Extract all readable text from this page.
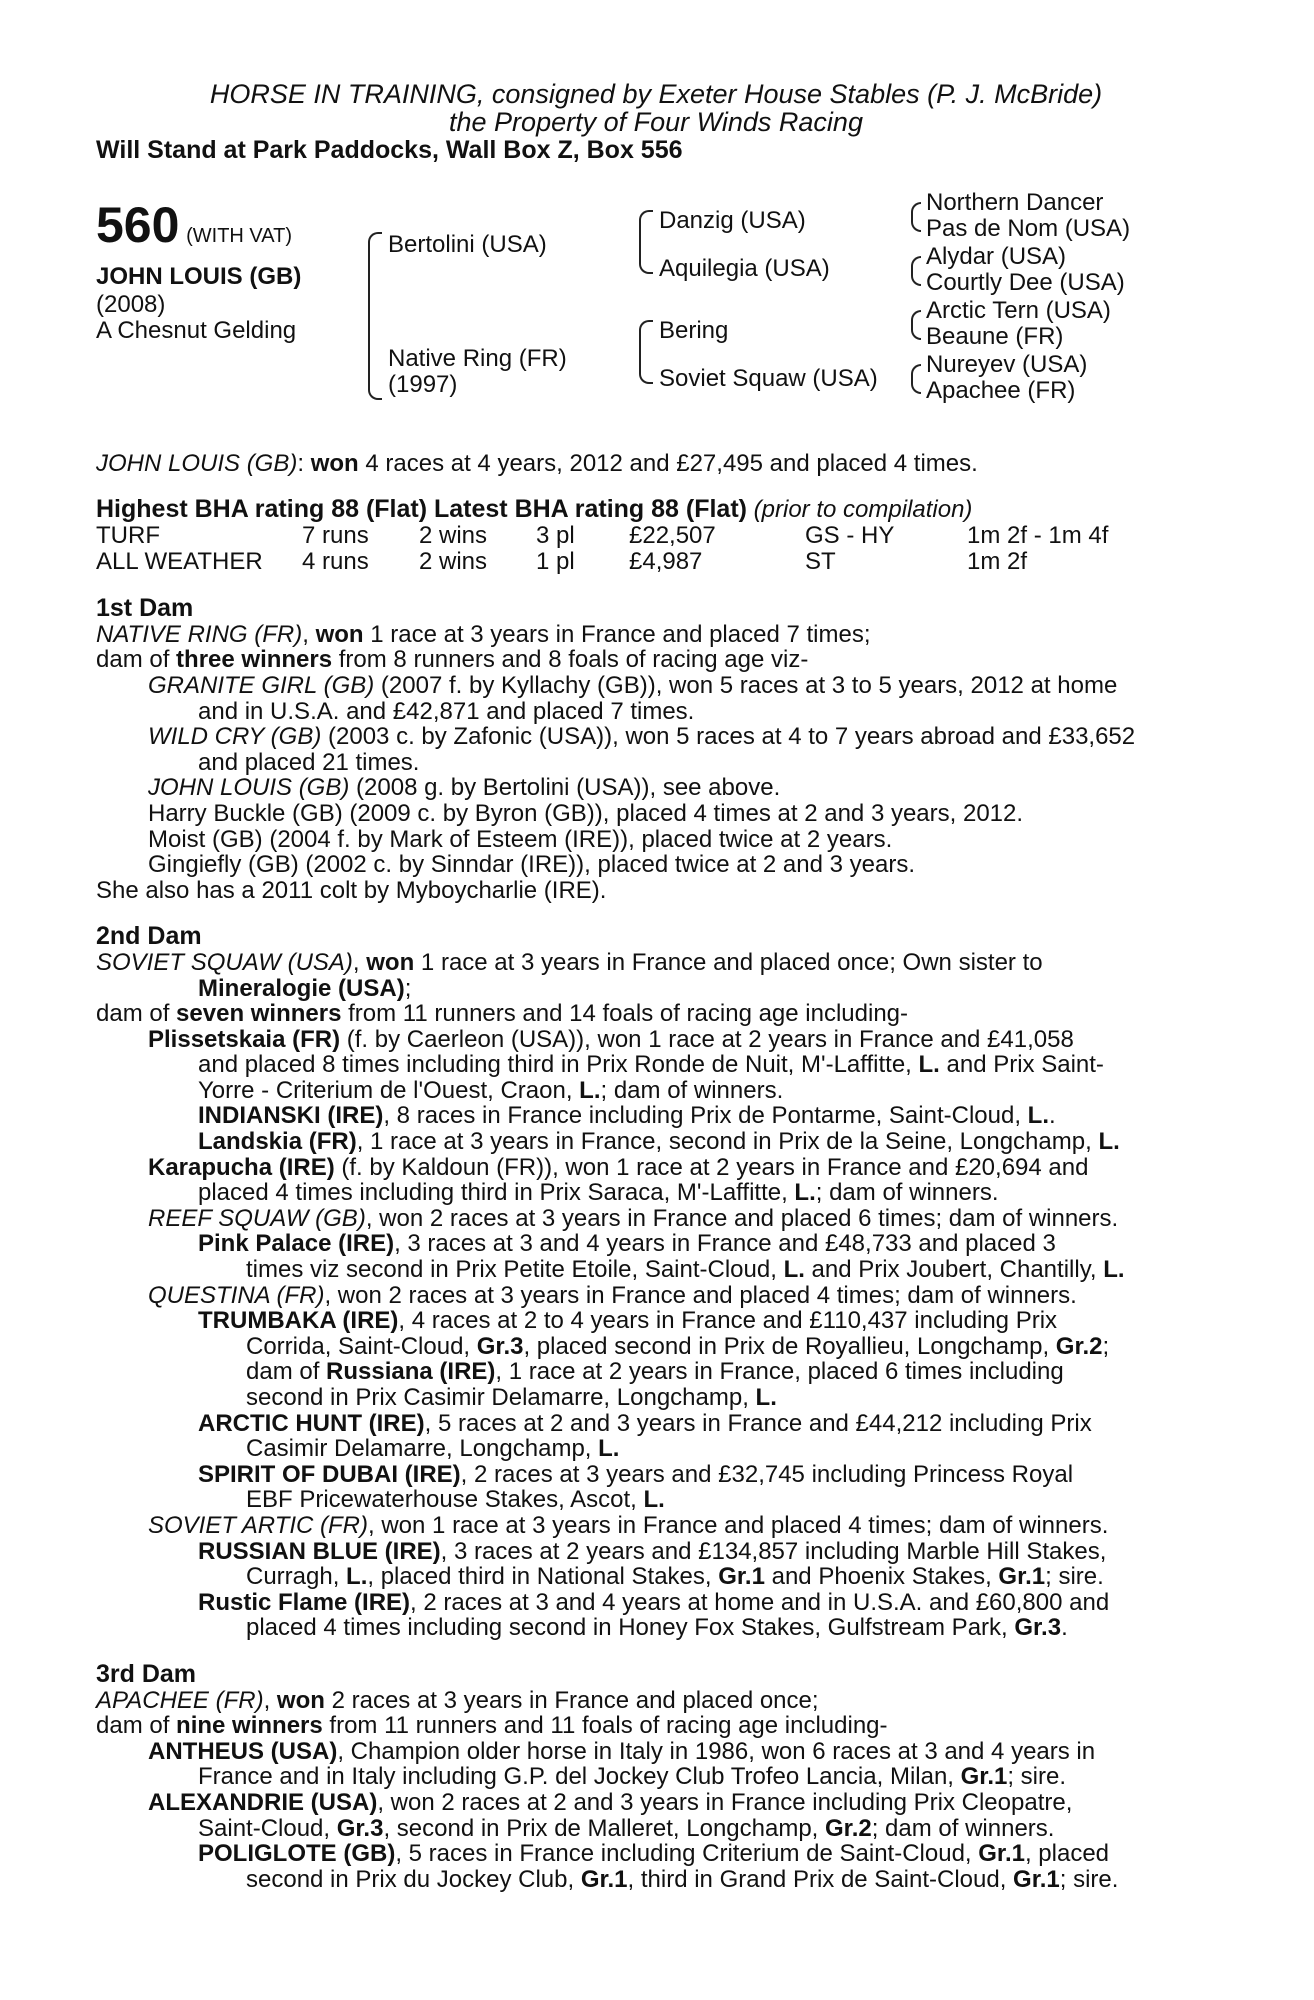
HORSE IN TRAINING, consigned by Exeter House Stables (P. J. McBride)
the Property of Four Winds Racing
Will Stand at Park Paddocks, Wall Box Z, Box 556
560 (WITH VAT)
JOHN LOUIS (GB)
(2008)
A Chesnut Gelding
Bertolini (USA)
Native Ring (FR)
(1997)
Danzig (USA)
Aquilegia (USA)
Bering
Soviet Squaw (USA)
Northern Dancer
Pas de Nom (USA)
Alydar (USA)
Courtly Dee (USA)
Arctic Tern (USA)
Beaune (FR)
Nureyev (USA)
Apachee (FR)
JOHN LOUIS (GB): won 4 races at 4 years, 2012 and £27,495 and placed 4 times.
Highest BHA rating 88 (Flat) Latest BHA rating 88 (Flat) (prior to compilation)
TURF	7 runs	2 wins	3 pl	£22,507	GS - HY	1m 2f - 1m 4f
ALL WEATHER	4 runs	2 wins	1 pl	£4,987	ST	1m 2f
1st Dam
NATIVE RING (FR), won 1 race at 3 years in France and placed 7 times;
dam of three winners from 8 runners and 8 foals of racing age viz-
GRANITE GIRL (GB) (2007 f. by Kyllachy (GB)), won 5 races at 3 to 5 years, 2012 at home
and in U.S.A. and £42,871 and placed 7 times.
WILD CRY (GB) (2003 c. by Zafonic (USA)), won 5 races at 4 to 7 years abroad and £33,652
and placed 21 times.
JOHN LOUIS (GB) (2008 g. by Bertolini (USA)), see above.
Harry Buckle (GB) (2009 c. by Byron (GB)), placed 4 times at 2 and 3 years, 2012.
Moist (GB) (2004 f. by Mark of Esteem (IRE)), placed twice at 2 years.
Gingiefly (GB) (2002 c. by Sinndar (IRE)), placed twice at 2 and 3 years.
She also has a 2011 colt by Myboycharlie (IRE).
2nd Dam
SOVIET SQUAW (USA), won 1 race at 3 years in France and placed once; Own sister to
Mineralogie (USA);
dam of seven winners from 11 runners and 14 foals of racing age including-
Plissetskaia (FR) (f. by Caerleon (USA)), won 1 race at 2 years in France and £41,058
and placed 8 times including third in Prix Ronde de Nuit, M'-Laffitte, L. and Prix Saint-
Yorre - Criterium de l'Ouest, Craon, L.; dam of winners.
INDIANSKI (IRE), 8 races in France including Prix de Pontarme, Saint-Cloud, L..
Landskia (FR), 1 race at 3 years in France, second in Prix de la Seine, Longchamp, L.
Karapucha (IRE) (f. by Kaldoun (FR)), won 1 race at 2 years in France and £20,694 and
placed 4 times including third in Prix Saraca, M'-Laffitte, L.; dam of winners.
REEF SQUAW (GB), won 2 races at 3 years in France and placed 6 times; dam of winners.
Pink Palace (IRE), 3 races at 3 and 4 years in France and £48,733 and placed 3
times viz second in Prix Petite Etoile, Saint-Cloud, L. and Prix Joubert, Chantilly, L.
QUESTINA (FR), won 2 races at 3 years in France and placed 4 times; dam of winners.
TRUMBAKA (IRE), 4 races at 2 to 4 years in France and £110,437 including Prix
Corrida, Saint-Cloud, Gr.3, placed second in Prix de Royallieu, Longchamp, Gr.2;
dam of Russiana (IRE), 1 race at 2 years in France, placed 6 times including
second in Prix Casimir Delamarre, Longchamp, L.
ARCTIC HUNT (IRE), 5 races at 2 and 3 years in France and £44,212 including Prix
Casimir Delamarre, Longchamp, L.
SPIRIT OF DUBAI (IRE), 2 races at 3 years and £32,745 including Princess Royal
EBF Pricewaterhouse Stakes, Ascot, L.
SOVIET ARTIC (FR), won 1 race at 3 years in France and placed 4 times; dam of winners.
RUSSIAN BLUE (IRE), 3 races at 2 years and £134,857 including Marble Hill Stakes,
Curragh, L., placed third in National Stakes, Gr.1 and Phoenix Stakes, Gr.1; sire.
Rustic Flame (IRE), 2 races at 3 and 4 years at home and in U.S.A. and £60,800 and
placed 4 times including second in Honey Fox Stakes, Gulfstream Park, Gr.3.
3rd Dam
APACHEE (FR), won 2 races at 3 years in France and placed once;
dam of nine winners from 11 runners and 11 foals of racing age including-
ANTHEUS (USA), Champion older horse in Italy in 1986, won 6 races at 3 and 4 years in
France and in Italy including G.P. del Jockey Club Trofeo Lancia, Milan, Gr.1; sire.
ALEXANDRIE (USA), won 2 races at 2 and 3 years in France including Prix Cleopatre,
Saint-Cloud, Gr.3, second in Prix de Malleret, Longchamp, Gr.2; dam of winners.
POLIGLOTE (GB), 5 races in France including Criterium de Saint-Cloud, Gr.1, placed
second in Prix du Jockey Club, Gr.1, third in Grand Prix de Saint-Cloud, Gr.1; sire.
